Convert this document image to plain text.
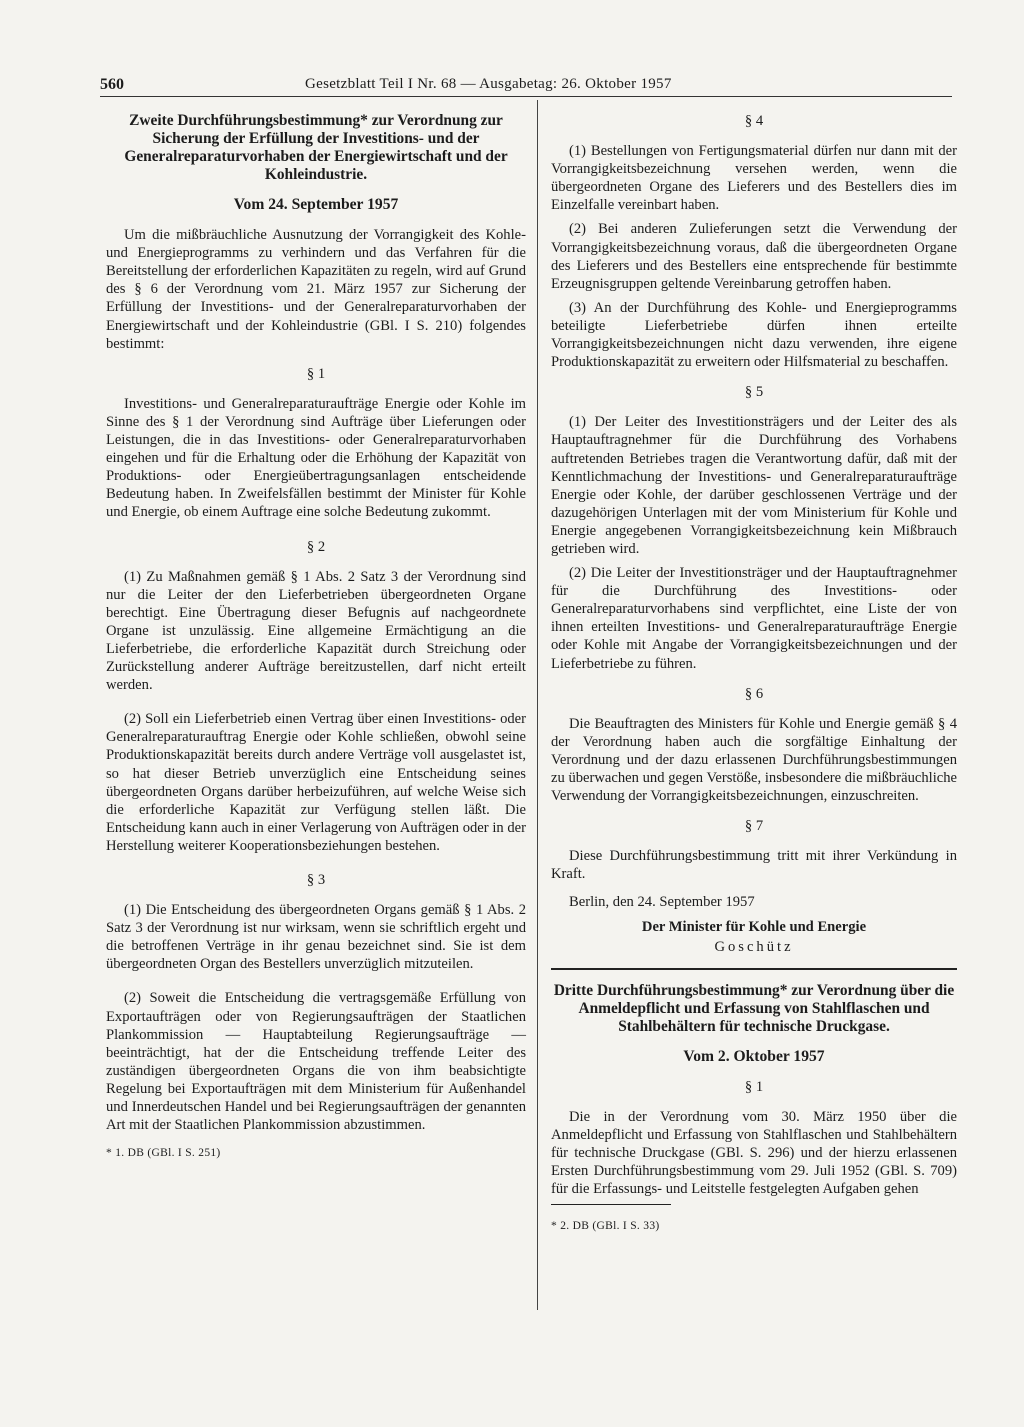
560	Gesetzblatt Teil I Nr. 68 — Ausgabetag: 26. Oktober 1957
Zweite Durchführungsbestimmung* zur Verordnung zur Sicherung der Erfüllung der Investitions- und der Generalreparaturvorhaben der Energiewirtschaft und der Kohleindustrie.
Vom 24. September 1957

Um die mißbräuchliche Ausnutzung der Vorrangigkeit des Kohle- und Energieprogramms zu verhindern und das Verfahren für die Bereitstellung der erforderlichen Kapazitäten zu regeln, wird auf Grund des § 6 der Verordnung vom 21. März 1957 zur Sicherung der Erfüllung der Investitions- und der Generalreparaturvorhaben der Energiewirtschaft und der Kohleindustrie (GBl. I S. 210) folgendes bestimmt:

§ 1

Investitions- und Generalreparaturaufträge Energie oder Kohle im Sinne des § 1 der Verordnung sind Aufträge über Lieferungen oder Leistungen, die in das Investitions- oder Generalreparaturvorhaben eingehen und für die Erhaltung oder die Erhöhung der Kapazität von Produktions- oder Energieübertragungsanlagen entscheidende Bedeutung haben. In Zweifelsfällen bestimmt der Minister für Kohle und Energie, ob einem Auftrage eine solche Bedeutung zukommt.

§ 2

(1) Zu Maßnahmen gemäß § 1 Abs. 2 Satz 3 der Verordnung sind nur die Leiter der den Lieferbetrieben übergeordneten Organe berechtigt. Eine Übertragung dieser Befugnis auf nachgeordnete Organe ist unzulässig. Eine allgemeine Ermächtigung an die Lieferbetriebe, die erforderliche Kapazität durch Streichung oder Zurückstellung anderer Aufträge bereitzustellen, darf nicht erteilt werden.

(2) Soll ein Lieferbetrieb einen Vertrag über einen Investitions- oder Generalreparaturauftrag Energie oder Kohle schließen, obwohl seine Produktionskapazität bereits durch andere Verträge voll ausgelastet ist, so hat dieser Betrieb unverzüglich eine Entscheidung seines übergeordneten Organs darüber herbeizuführen, auf welche Weise sich die erforderliche Kapazität zur Verfügung stellen läßt. Die Entscheidung kann auch in einer Verlagerung von Aufträgen oder in der Herstellung weiterer Kooperationsbeziehungen bestehen.

§ 3

(1) Die Entscheidung des übergeordneten Organs gemäß § 1 Abs. 2 Satz 3 der Verordnung ist nur wirksam, wenn sie schriftlich ergeht und die betroffenen Verträge in ihr genau bezeichnet sind. Sie ist dem übergeordneten Organ des Bestellers unverzüglich mitzuteilen.

(2) Soweit die Entscheidung die vertragsgemäße Erfüllung von Exportaufträgen oder von Regierungsaufträgen der Staatlichen Plankommission — Hauptabteilung Regierungsaufträge — beeinträchtigt, hat der die Entscheidung treffende Leiter des zuständigen übergeordneten Organs die von ihm beabsichtigte Regelung bei Exportaufträgen mit dem Ministerium für Außenhandel und Innerdeutschen Handel und bei Regierungsaufträgen der genannten Art mit der Staatlichen Plankommission abzustimmen.

* 1. DB (GBl. I S. 251)
§ 4

(1) Bestellungen von Fertigungsmaterial dürfen nur dann mit der Vorrangigkeitsbezeichnung versehen werden, wenn die übergeordneten Organe des Lieferers und des Bestellers dies im Einzelfalle vereinbart haben.

(2) Bei anderen Zulieferungen setzt die Verwendung der Vorrangigkeitsbezeichnung voraus, daß die übergeordneten Organe des Lieferers und des Bestellers eine entsprechende für bestimmte Erzeugnisgruppen geltende Vereinbarung getroffen haben.

(3) An der Durchführung des Kohle- und Energieprogramms beteiligte Lieferbetriebe dürfen ihnen erteilte Vorrangigkeitsbezeichnungen nicht dazu verwenden, ihre eigene Produktionskapazität zu erweitern oder Hilfsmaterial zu beschaffen.

§ 5

(1) Der Leiter des Investitionsträgers und der Leiter des als Hauptauftragnehmer für die Durchführung des Vorhabens auftretenden Betriebes tragen die Verantwortung dafür, daß mit der Kenntlichmachung der Investitions- und Generalreparaturaufträge Energie oder Kohle, der darüber geschlossenen Verträge und der dazugehörigen Unterlagen mit der vom Ministerium für Kohle und Energie angegebenen Vorrangigkeitsbezeichnung kein Mißbrauch getrieben wird.

(2) Die Leiter der Investitionsträger und der Hauptauftragnehmer für die Durchführung des Investitions- oder Generalreparaturvorhabens sind verpflichtet, eine Liste der von ihnen erteilten Investitions- und Generalreparaturaufträge Energie oder Kohle mit Angabe der Vorrangigkeitsbezeichnungen und der Lieferbetriebe zu führen.

§ 6

Die Beauftragten des Ministers für Kohle und Energie gemäß § 4 der Verordnung haben auch die sorgfältige Einhaltung der Verordnung und der dazu erlassenen Durchführungsbestimmungen zu überwachen und gegen Verstöße, insbesondere die mißbräuchliche Verwendung der Vorrangigkeitsbezeichnungen, einzuschreiten.

§ 7

Diese Durchführungsbestimmung tritt mit ihrer Verkündung in Kraft.

Berlin, den 24. September 1957

Der Minister für Kohle und Energie

Goschütz

Dritte Durchführungsbestimmung* zur Verordnung über die Anmeldepflicht und Erfassung von Stahlflaschen und Stahlbehältern für technische Druckgase.
Vom 2. Oktober 1957
§ 1

Die in der Verordnung vom 30. März 1950 über die Anmeldepflicht und Erfassung von Stahlflaschen und Stahlbehältern für technische Druckgase (GBl. S. 296) und der hierzu erlassenen Ersten Durchführungsbestimmung vom 29. Juli 1952 (GBl. S. 709) für die Erfassungs- und Leitstelle festgelegten Aufgaben gehen

* 2. DB (GBl. I S. 33)
